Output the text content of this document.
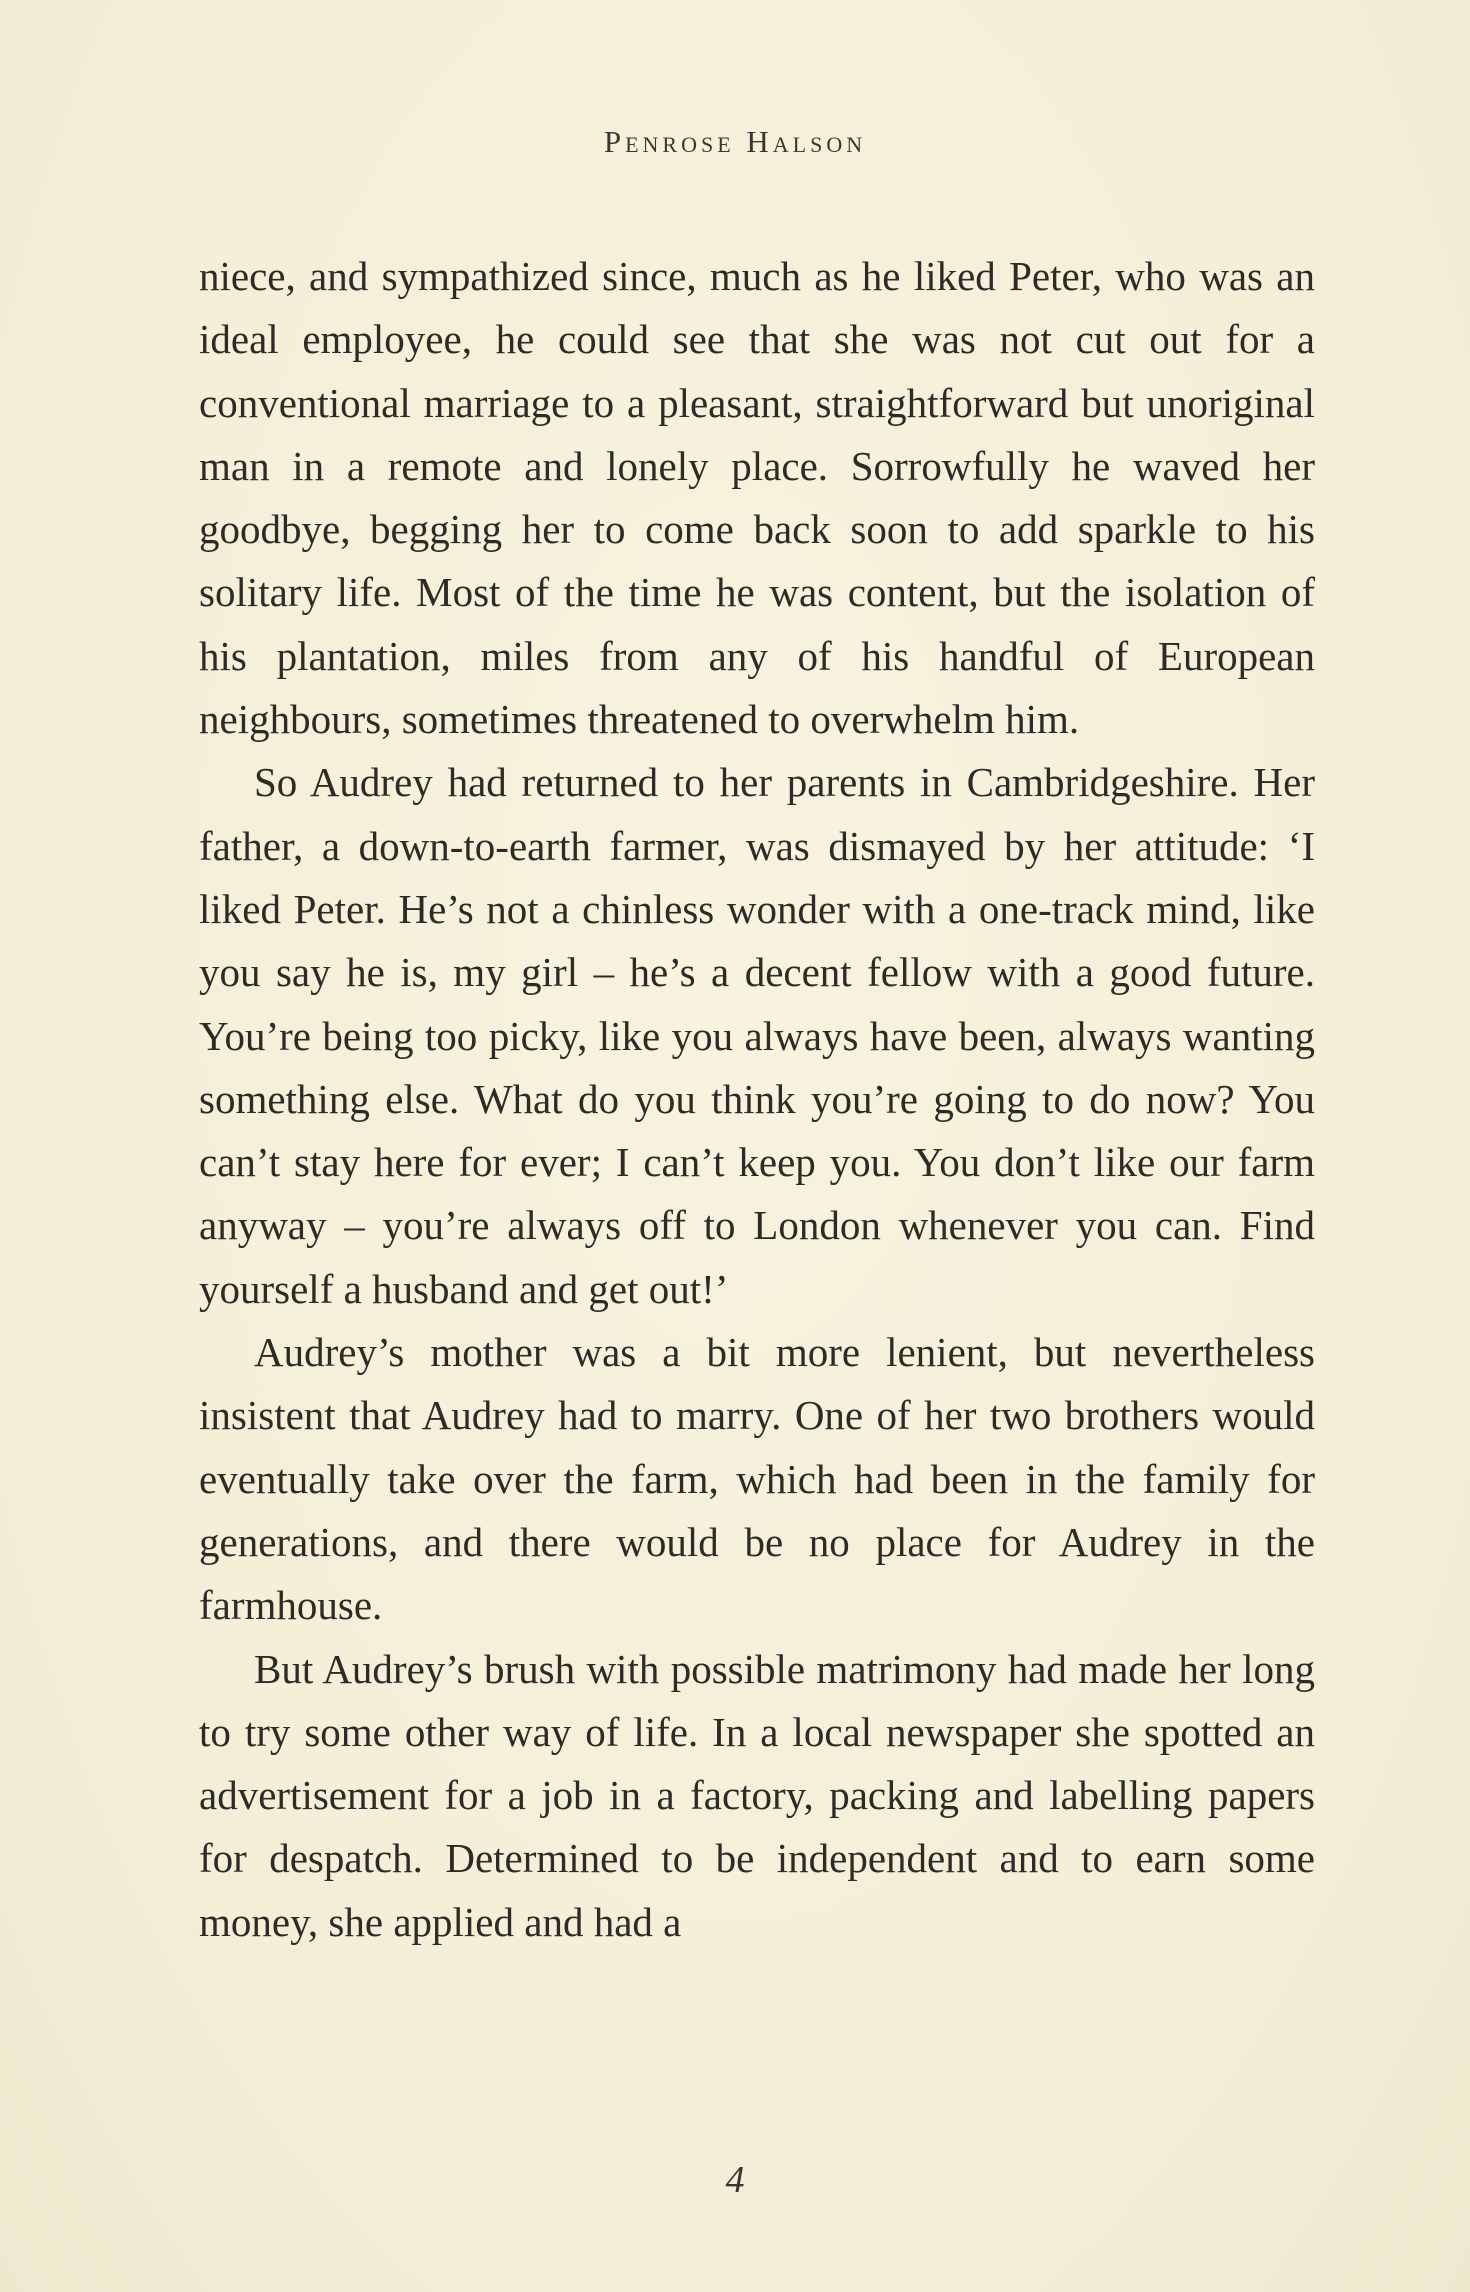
Penrose Halson

niece, and sympathized since, much as he liked Peter, who was an ideal employee, he could see that she was not cut out for a conventional marriage to a pleasant, straightforward but unoriginal man in a remote and lonely place. Sorrowfully he waved her goodbye, begging her to come back soon to add sparkle to his solitary life. Most of the time he was content, but the isolation of his plantation, miles from any of his handful of European neighbours, sometimes threatened to overwhelm him.

So Audrey had returned to her parents in Cambridgeshire. Her father, a down-to-earth farmer, was dismayed by her attitude: ‘I liked Peter. He’s not a chinless wonder with a one-track mind, like you say he is, my girl – he’s a decent fellow with a good future. You’re being too picky, like you always have been, always wanting something else. What do you think you’re going to do now? You can’t stay here for ever; I can’t keep you. You don’t like our farm anyway – you’re always off to London whenever you can. Find yourself a husband and get out!’

Audrey’s mother was a bit more lenient, but nevertheless insistent that Audrey had to marry. One of her two brothers would eventually take over the farm, which had been in the family for generations, and there would be no place for Audrey in the farmhouse.

But Audrey’s brush with possible matrimony had made her long to try some other way of life. In a local newspaper she spotted an advertisement for a job in a factory, packing and labelling papers for despatch. Determined to be independent and to earn some money, she applied and had a

4
